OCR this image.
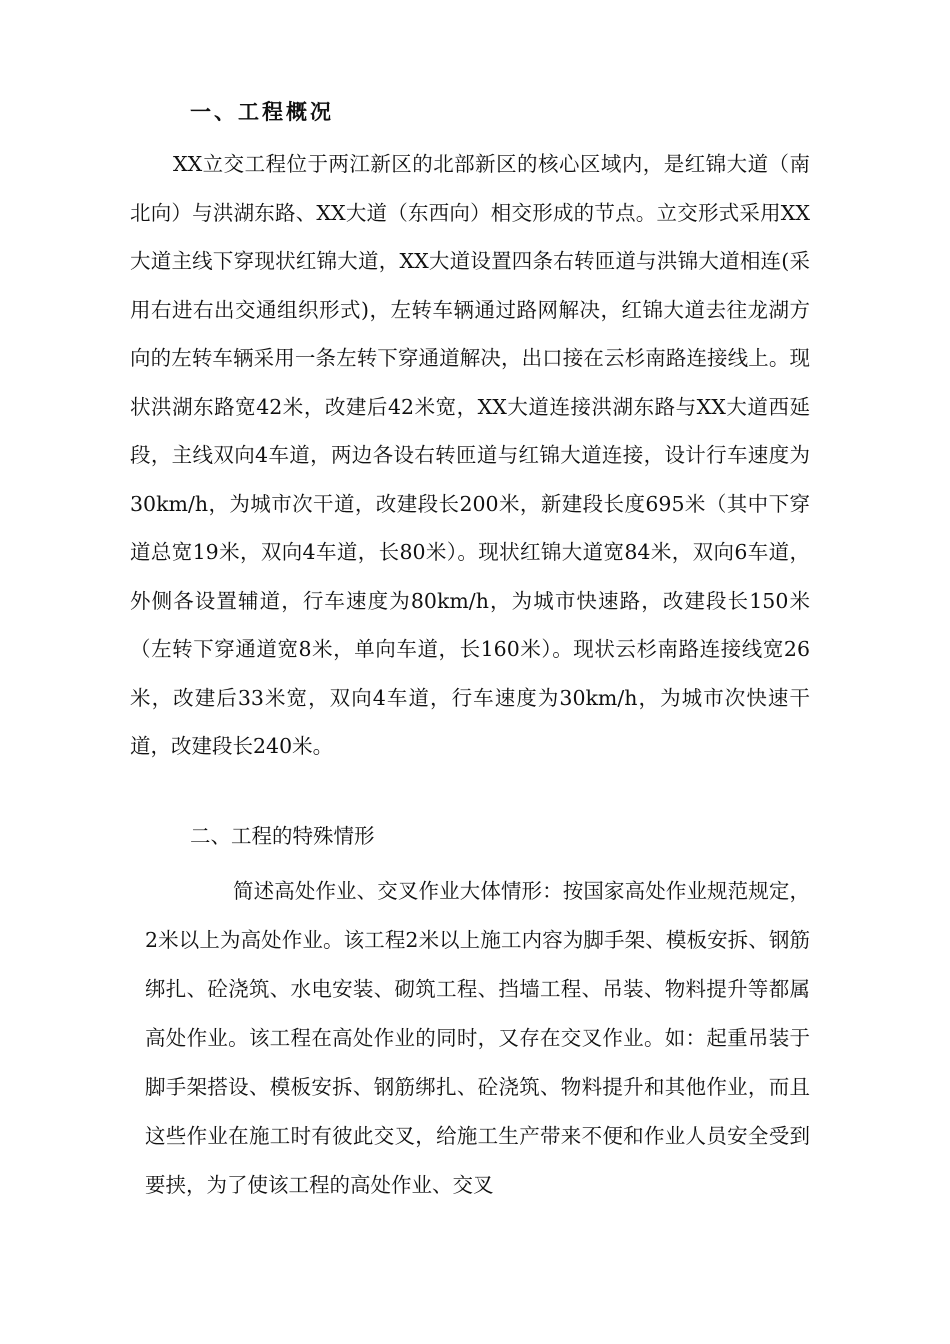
一、工程概况

XX立交工程位于两江新区的北部新区的核心区域内，是红锦大道（南北向）与洪湖东路、XX大道（东西向）相交形成的节点。立交形式采用XX大道主线下穿现状红锦大道，XX大道设置四条右转匝道与洪锦大道相连(采用右进右出交通组织形式)，左转车辆通过路网解决，红锦大道去往龙湖方向的左转车辆采用一条左转下穿通道解决，出口接在云杉南路连接线上。现状洪湖东路宽42米，改建后42米宽，XX大道连接洪湖东路与XX大道西延段，主线双向4车道，两边各设右转匝道与红锦大道连接，设计行车速度为30km/h，为城市次干道，改建段长200米，新建段长度695米（其中下穿道总宽19米，双向4车道，长80米）。现状红锦大道宽84米，双向6车道，外侧各设置辅道，行车速度为80km/h，为城市快速路，改建段长150米（左转下穿通道宽8米，单向车道，长160米）。现状云杉南路连接线宽26米，改建后33米宽，双向4车道，行车速度为30km/h，为城市次快速干道，改建段长240米。

二、工程的特殊情形

简述高处作业、交叉作业大体情形：按国家高处作业规范规定，2米以上为高处作业。该工程2米以上施工内容为脚手架、模板安拆、钢筋绑扎、砼浇筑、水电安装、砌筑工程、挡墙工程、吊装、物料提升等都属高处作业。该工程在高处作业的同时，又存在交叉作业。如：起重吊装于脚手架搭设、模板安拆、钢筋绑扎、砼浇筑、物料提升和其他作业，而且这些作业在施工时有彼此交叉，给施工生产带来不便和作业人员安全受到要挟，为了使该工程的高处作业、交叉
